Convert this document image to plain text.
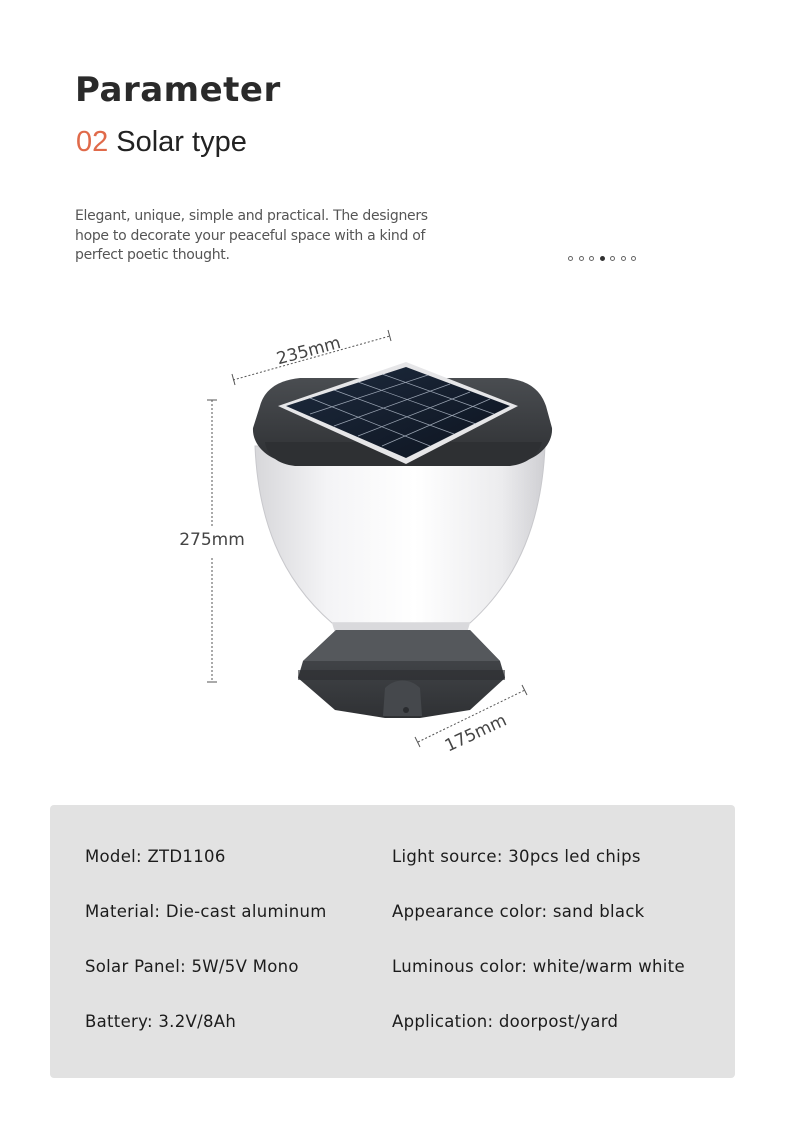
Parameter
02 Solar type
Elegant, unique, simple and practical. The designers
hope to decorate your peaceful space with a kind of
perfect poetic thought.
235mm
275mm
175mm
Model: ZTD1106
Material: Die-cast aluminum
Solar Panel: 5W/5V Mono
Battery: 3.2V/8Ah
Light source: 30pcs led chips
Appearance color: sand black
Luminous color: white/warm white
Application: doorpost/yard
